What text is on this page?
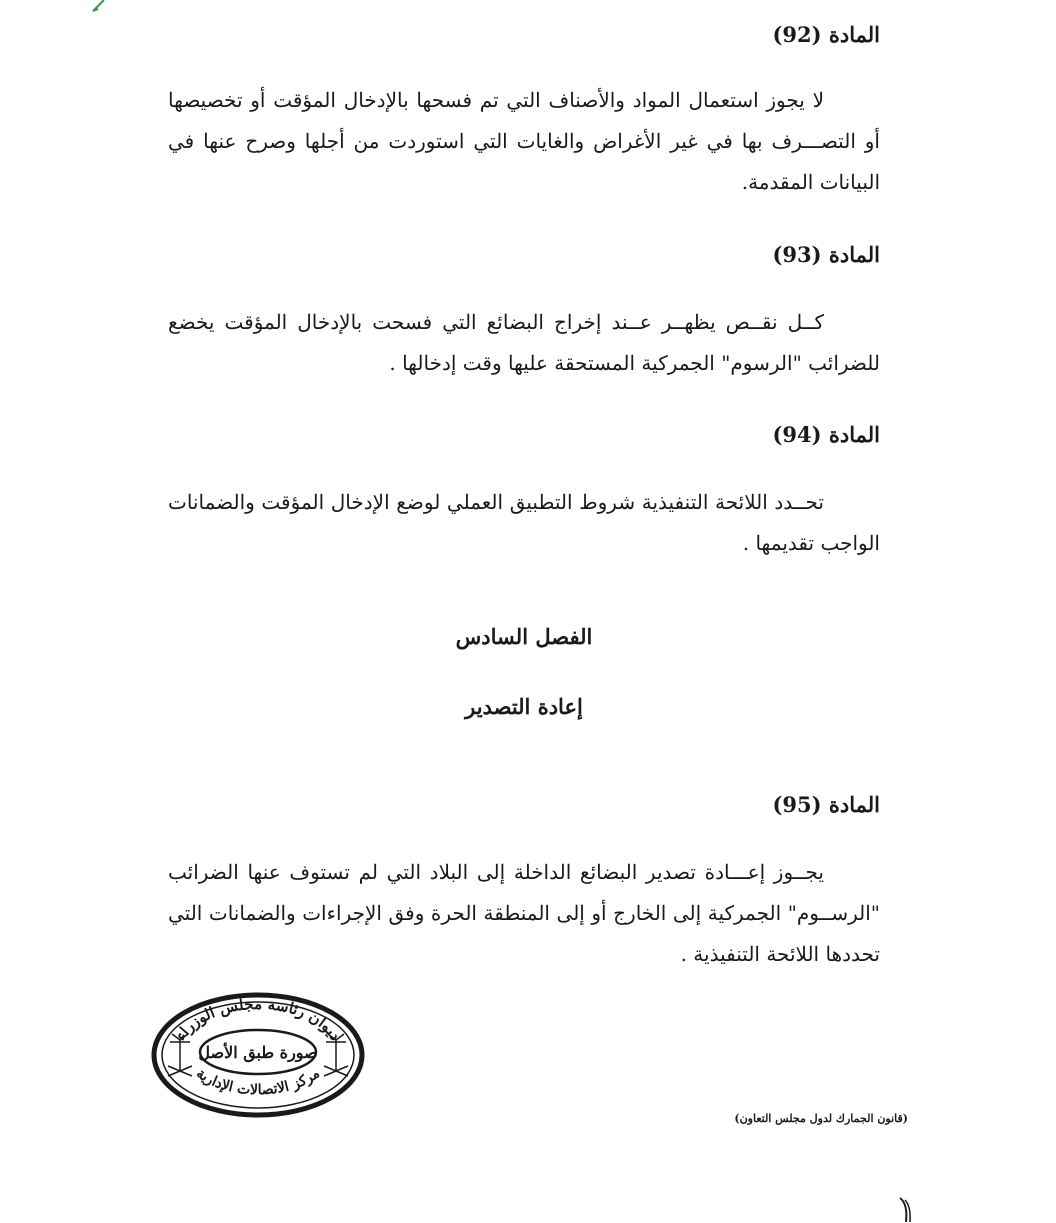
المادة (92)
لا يجوز استعمال المواد والأصناف التي تم فسحها بالإدخال المؤقت أو تخصيصها
أو التصـــرف بها في غير الأغراض والغايات التي استوردت من أجلها وصرح عنها في
البيانات المقدمة.
المادة (93)
كــل نقــص يظهــر عــند إخراج البضائع التي فسحت بالإدخال المؤقت يخضع
للضرائب "الرسوم" الجمركية المستحقة عليها وقت إدخالها .
المادة (94)
تحــدد اللائحة التنفيذية شروط التطبيق العملي لوضع الإدخال المؤقت والضمانات
الواجب تقديمها .
الفصل السادس
إعادة التصدير
المادة (95)
يجــوز إعـــادة تصدير البضائع الداخلة إلى البلاد التي لم تستوف عنها الضرائب
"الرســوم" الجمركية إلى الخارج أو إلى المنطقة الحرة وفق الإجراءات والضمانات التي
تحددها اللائحة التنفيذية .
ديوان رئاسة مجلس الوزراء
مركز الاتصالات الإدارية
صورة طبق الأصل
(قانون الجمارك لدول مجلس التعاون)
